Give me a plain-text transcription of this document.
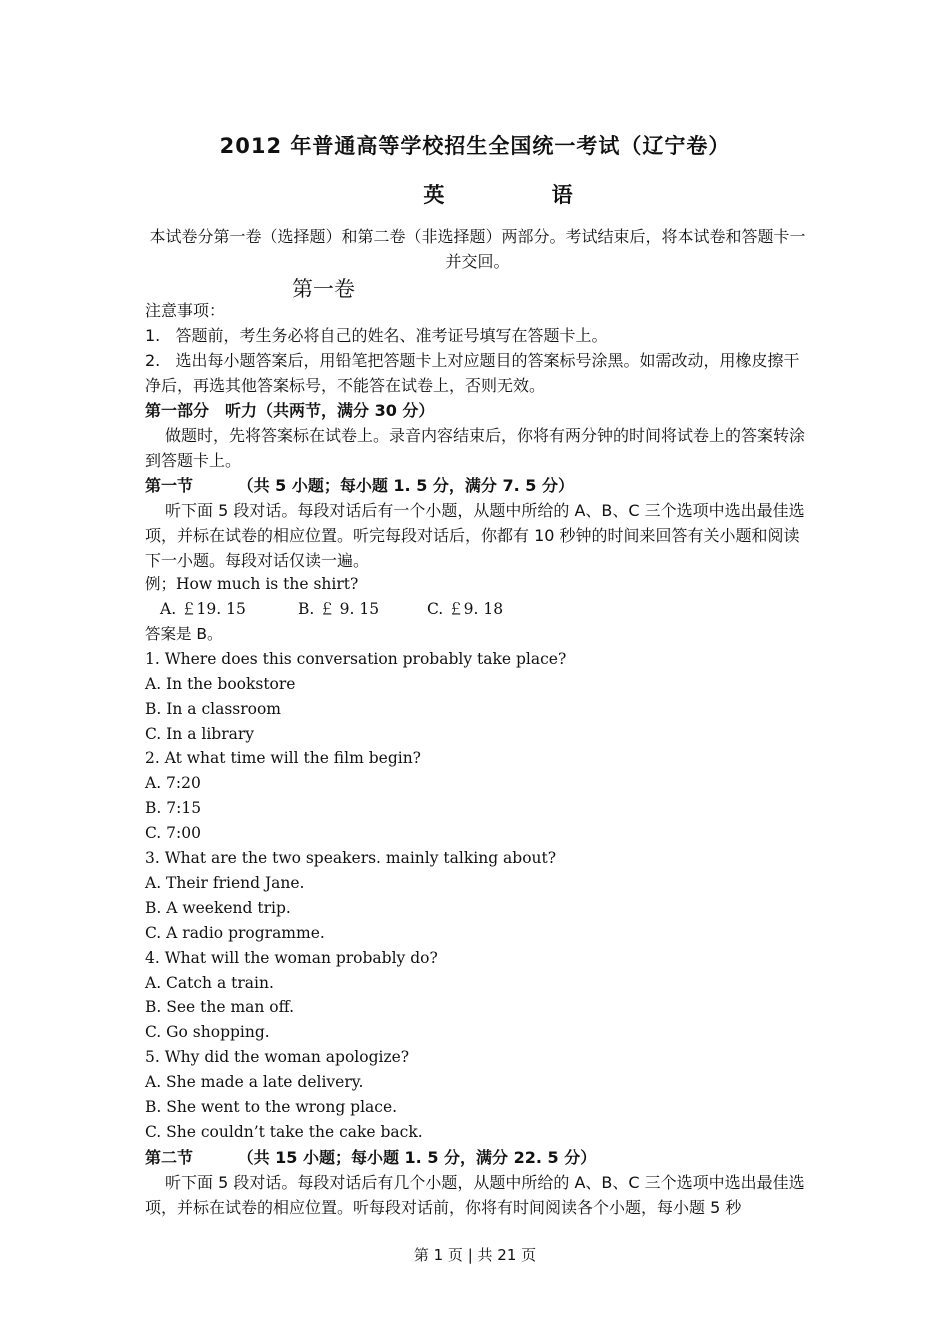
2012 年普通高等学校招生全国统一考试（辽宁卷）
英 语
本试卷分第一卷（选择题）和第二卷（非选择题）两部分。考试结束后，将本试卷和答题卡一并交回。
第一卷
注意事项：
1.   答题前，考生务必将自己的姓名、准考证号填写在答题卡上。
2.   选出每小题答案后，用铅笔把答题卡上对应题目的答案标号涂黑。如需改动，用橡皮擦干净后，再选其他答案标号，不能答在试卷上，否则无效。
第一部分　听力（共两节，满分 30 分）
做题时，先将答案标在试卷上。录音内容结束后，你将有两分钟的时间将试卷上的答案转涂到答题卡上。
第一节        （共 5 小题；每小题 1. 5 分，满分 7. 5 分）
听下面 5 段对话。每段对话后有一个小题，从题中所给的 A、B、C 三个选项中选出最佳选项，并标在试卷的相应位置。听完每段对话后，你都有 10 秒钟的时间来回答有关小题和阅读下一小题。每段对话仅读一遍。
例；How much is the shirt?
A. ￡19. 15	B. ￡ 9. 15	C. ￡9. 18
答案是 B。
1. Where does this conversation probably take place?
A. In the bookstore
B. In a classroom
C. In a library
2. At what time will the film begin?
A. 7:20
B. 7:15
C. 7:00
3. What are the two speakers. mainly talking about?
A. Their friend Jane.
B. A weekend trip.
C. A radio programme.
4. What will the woman probably do?
A. Catch a train.
B. See the man off.
C. Go shopping.
5. Why did the woman apologize?
A. She made a late delivery.
B. She went to the wrong place.
C. She couldn’t take the cake back.
第二节        （共 15 小题；每小题 1. 5 分，满分 22. 5 分）
听下面 5 段对话。每段对话后有几个小题，从题中所给的 A、B、C 三个选项中选出最佳选项，并标在试卷的相应位置。听每段对话前，你将有时间阅读各个小题，每小题 5 秒
第 1 页 | 共 21 页
